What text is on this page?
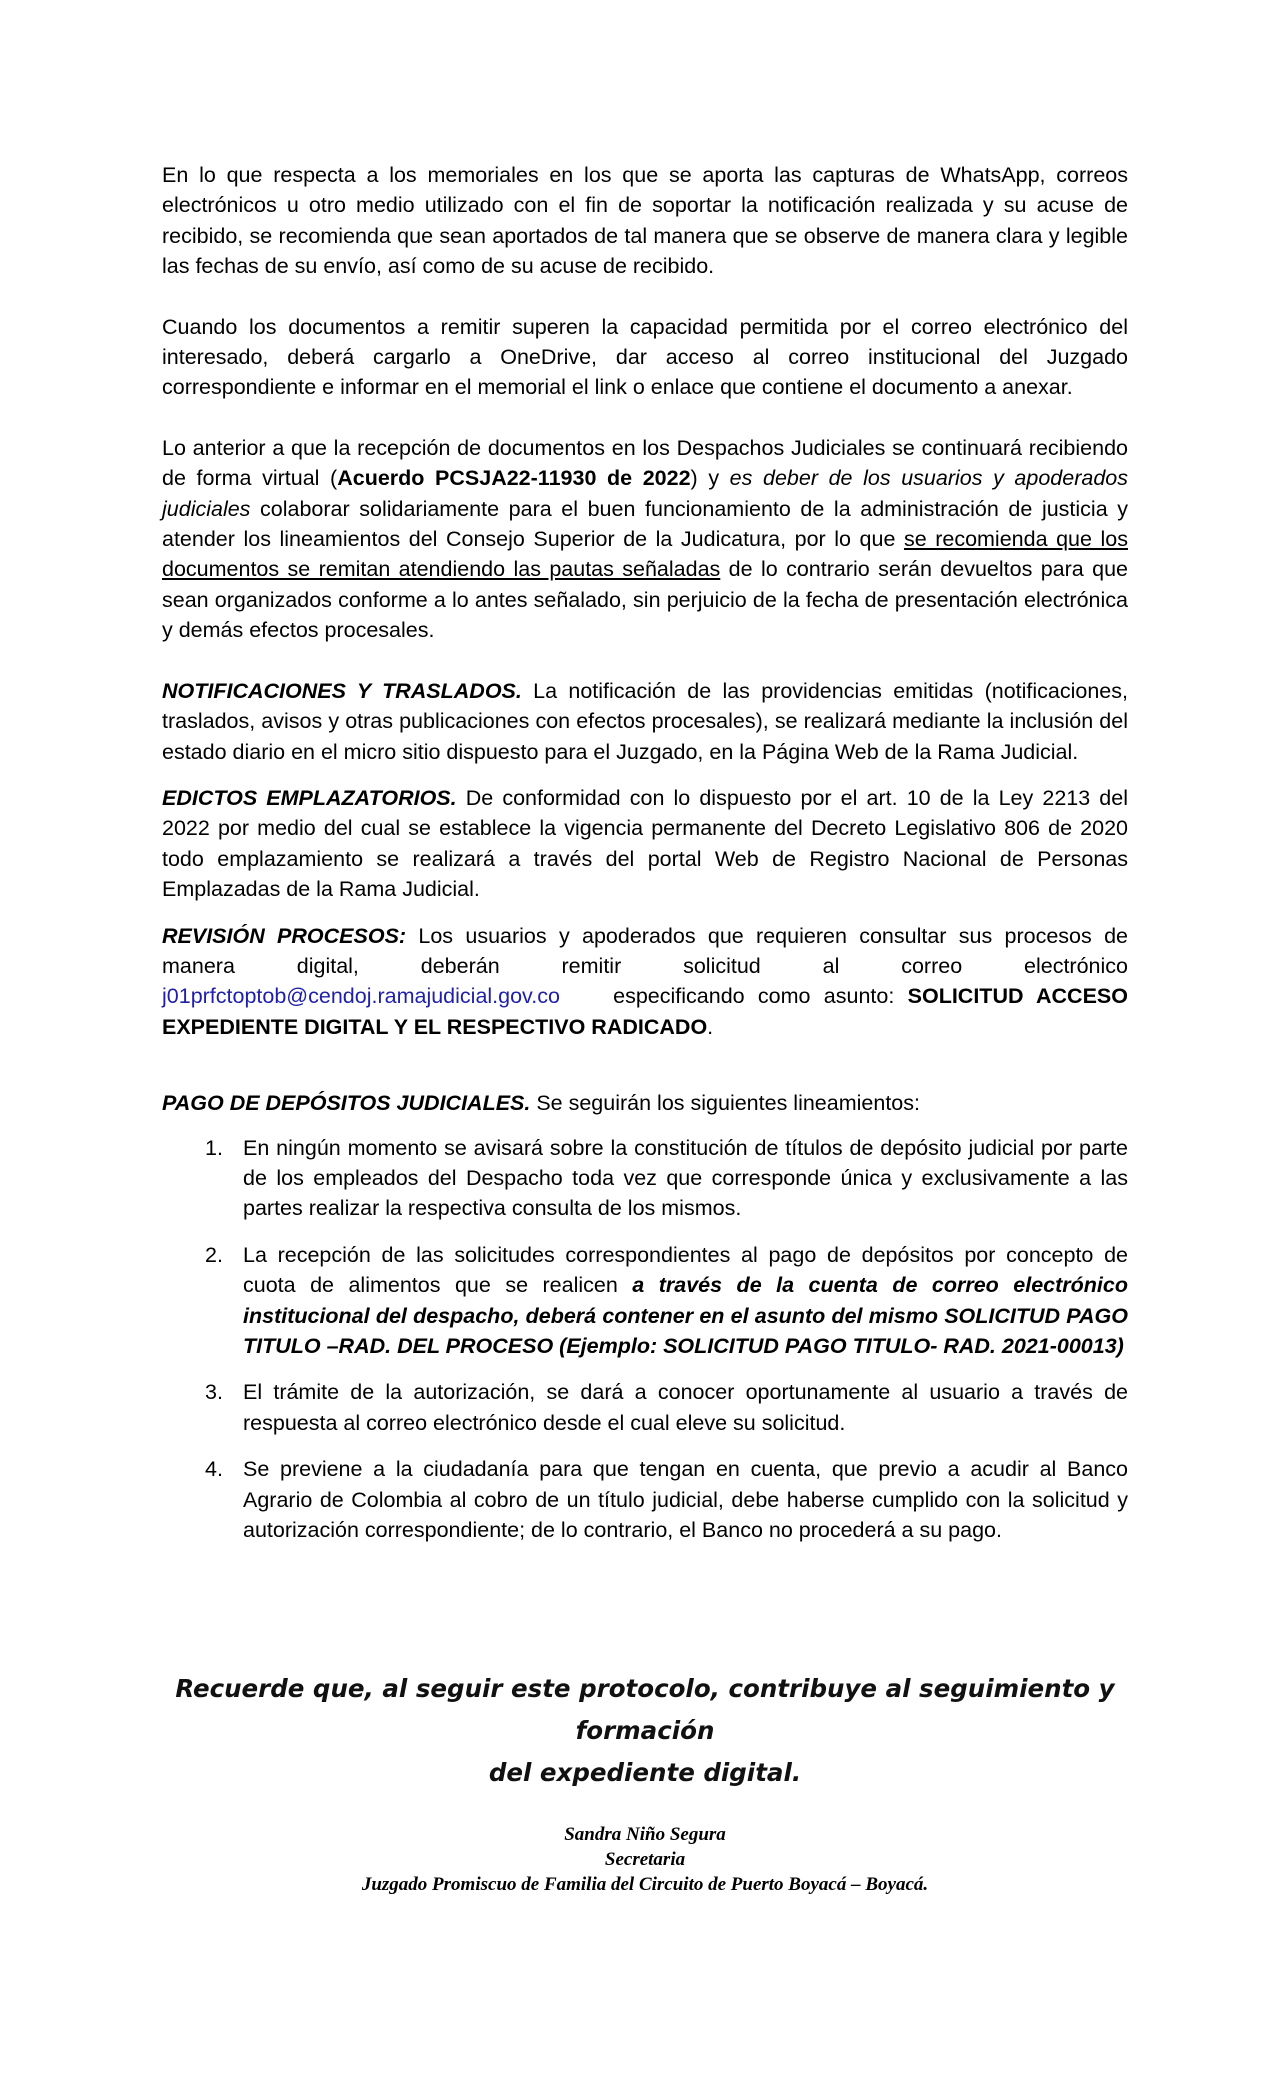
En lo que respecta a los memoriales en los que se aporta las capturas de WhatsApp, correos electrónicos u otro medio utilizado con el fin de soportar la notificación realizada y su acuse de recibido, se recomienda que sean aportados de tal manera que se observe de manera clara y legible las fechas de su envío, así como de su acuse de recibido.

Cuando los documentos a remitir superen la capacidad permitida por el correo electrónico del interesado, deberá cargarlo a OneDrive, dar acceso al correo institucional del Juzgado correspondiente e informar en el memorial el link o enlace que contiene el documento a anexar.

Lo anterior a que la recepción de documentos en los Despachos Judiciales se continuará recibiendo de forma virtual (Acuerdo PCSJA22-11930 de 2022) y es deber de los usuarios y apoderados judiciales colaborar solidariamente para el buen funcionamiento de la administración de justicia y atender los lineamientos del Consejo Superior de la Judicatura, por lo que se recomienda que los documentos se remitan atendiendo las pautas señaladas de lo contrario serán devueltos para que sean organizados conforme a lo antes señalado, sin perjuicio de la fecha de presentación electrónica y demás efectos procesales.

NOTIFICACIONES Y TRASLADOS. La notificación de las providencias emitidas (notificaciones, traslados, avisos y otras publicaciones con efectos procesales), se realizará mediante la inclusión del estado diario en el micro sitio dispuesto para el Juzgado, en la Página Web de la Rama Judicial.

EDICTOS EMPLAZATORIOS. De conformidad con lo dispuesto por el art. 10 de la Ley 2213 del 2022 por medio del cual se establece la vigencia permanente del Decreto Legislativo 806 de 2020 todo emplazamiento se realizará a través del portal Web de Registro Nacional de Personas Emplazadas de la Rama Judicial.

REVISIÓN PROCESOS: Los usuarios y apoderados que requieren consultar sus procesos de manera digital, deberán remitir solicitud al correo electrónico j01prfctoptob@cendoj.ramajudicial.gov.co    especificando como asunto: SOLICITUD ACCESO EXPEDIENTE DIGITAL Y EL RESPECTIVO RADICADO.

PAGO DE DEPÓSITOS JUDICIALES. Se seguirán los siguientes lineamientos:

1. En ningún momento se avisará sobre la constitución de títulos de depósito judicial por parte de los empleados del Despacho toda vez que corresponde única y exclusivamente a las partes realizar la respectiva consulta de los mismos.
2. La recepción de las solicitudes correspondientes al pago de depósitos por concepto de cuota de alimentos que se realicen a través de la cuenta de correo electrónico institucional del despacho, deberá contener en el asunto del mismo SOLICITUD PAGO TITULO –RAD. DEL PROCESO (Ejemplo: SOLICITUD PAGO TITULO- RAD. 2021-00013)
3. El trámite de la autorización, se dará a conocer oportunamente al usuario a través de respuesta al correo electrónico desde el cual eleve su solicitud.
4. Se previene a la ciudadanía para que tengan en cuenta, que previo a acudir al Banco Agrario de Colombia al cobro de un título judicial, debe haberse cumplido con la solicitud y autorización correspondiente; de lo contrario, el Banco no procederá a su pago.
Recuerde que, al seguir este protocolo, contribuye al seguimiento y formación
del expediente digital.
Sandra Niño Segura
Secretaria
Juzgado Promiscuo de Familia del Circuito de Puerto Boyacá – Boyacá.
